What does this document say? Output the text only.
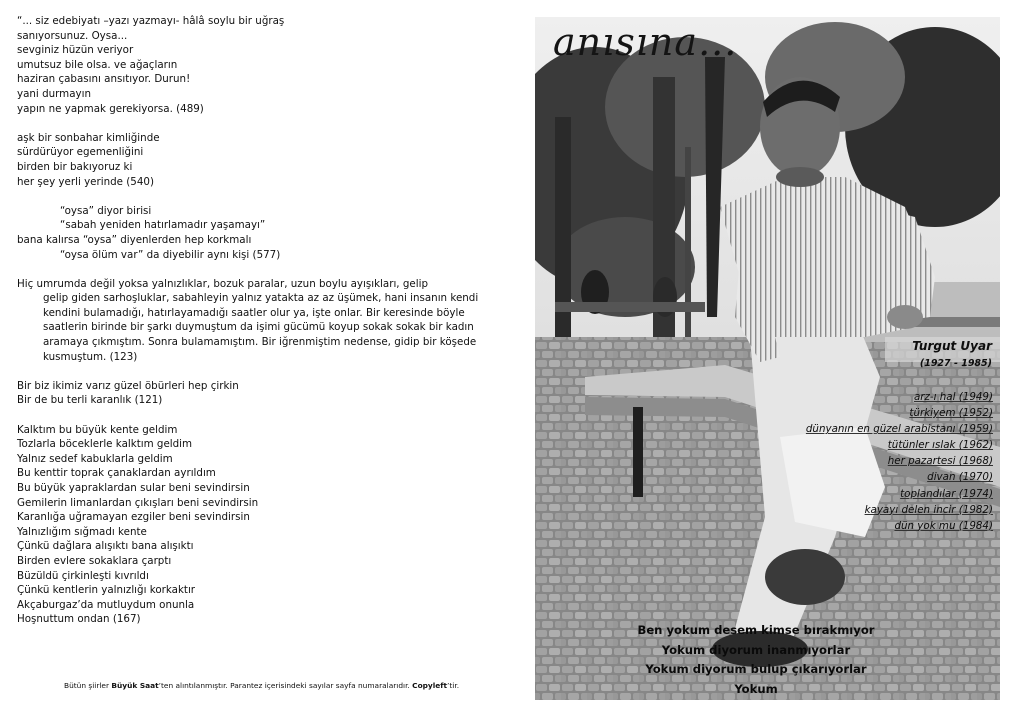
“... siz edebiyatı –yazı yazmayı- hâlâ soylu bir uğraş
sanıyorsunuz. Oysa...
sevginiz hüzün veriyor
umutsuz bile olsa. ve ağaçların
haziran çabasını ansıtıyor. Durun!
yani durmayın
yapın ne yapmak gerekiyorsa. (489)
aşk bir sonbahar kimliğinde
sürdürüyor egemenliğini
birden bir bakıyoruz ki
her şey yerli yerinde (540)
“oysa” diyor birisi
“sabah yeniden hatırlamadır yaşamayı”
bana kalırsa “oysa” diyenlerden hep korkmalı
“oysa ölüm var” da diyebilir aynı kişi (577)
Hiç umrumda değil yoksa yalnızlıklar, bozuk paralar, uzun boylu ayışıkları, gelip
gelip giden sarhoşluklar, sabahleyin yalnız yatakta az az üşümek, hani insanın kendi
kendini bulamadığı, hatırlayamadığı saatler olur ya, işte onlar. Bir keresinde böyle
saatlerin birinde bir şarkı duymuştum da işimi gücümü koyup sokak sokak bir kadın
aramaya çıkmıştım. Sonra bulamamıştım. Bir iğrenmiştim nedense, gidip bir köşede
kusmuştum. (123)
Bir biz ikimiz varız güzel öbürleri hep çirkin
Bir de bu terli karanlık (121)
Kalktım bu büyük kente geldim
Tozlarla böceklerle kalktım geldim
Yalnız sedef kabuklarla geldim
Bu kenttir toprak çanaklardan ayrıldım
Bu büyük yapraklardan sular beni sevindirsin
Gemilerin limanlardan çıkışları beni sevindirsin
Karanlığa uğramayan ezgiler beni sevindirsin
Yalnızlığım sığmadı kente
Çünkü dağlara alışıktı bana alışıktı
Birden evlere sokaklara çarptı
Büzüldü çirkinleşti kıvrıldı
Çünkü kentlerin yalnızlığı korkaktır
Akçaburgaz’da mutluydum onunla
Hoşnuttum ondan (167)
Bütün şiirler Büyük Saat’ten alıntılanmıştır. Parantez içerisindeki sayılar sayfa numaralarıdır. Copyleft’tir.
anısına...
Turgut Uyar
(1927 - 1985)
arz-ı hal (1949)
türkiyem (1952)
dünyanın en güzel arabistanı (1959)
tütünler ıslak (1962)
her pazartesi (1968)
divan (1970)
toplandılar (1974)
kayayı delen incir (1982)
dün yok mu (1984)
Ben yokum desem kimse bırakmıyor
Yokum diyorum inanmıyorlar
Yokum diyorum bulup çıkarıyorlar
Yokum
